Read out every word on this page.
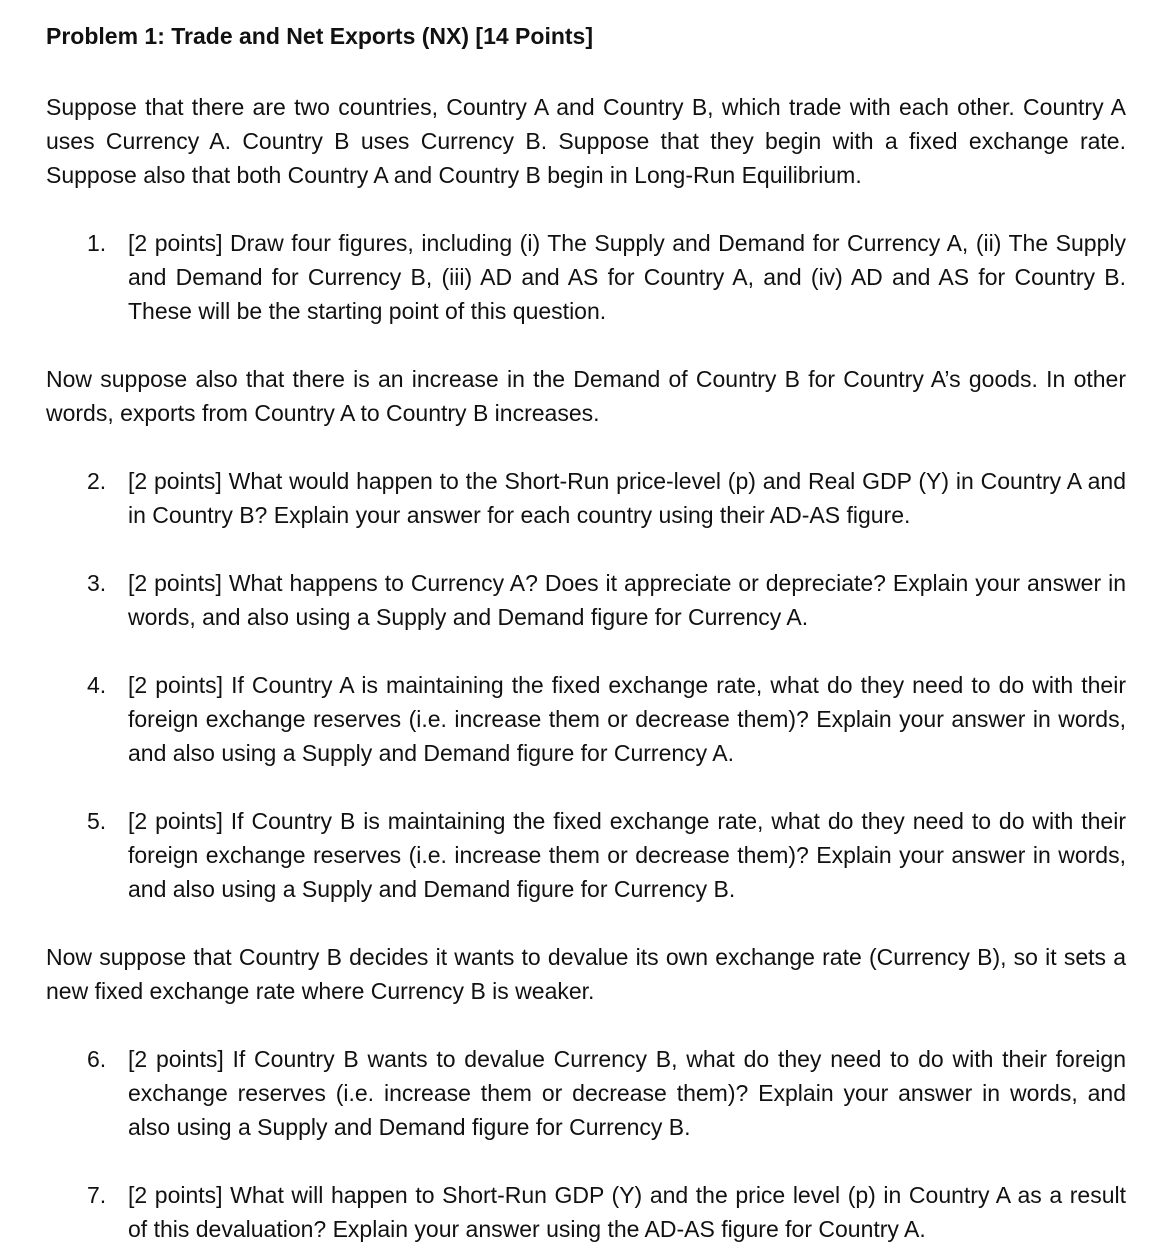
Problem 1: Trade and Net Exports (NX) [14 Points]

Suppose that there are two countries, Country A and Country B, which trade with each other. Country A uses Currency A. Country B uses Currency B. Suppose that they begin with a fixed exchange rate. Suppose also that both Country A and Country B begin in Long-Run Equilibrium.

1. [2 points] Draw four figures, including (i) The Supply and Demand for Currency A, (ii) The Supply and Demand for Currency B, (iii) AD and AS for Country A, and (iv) AD and AS for Country B. These will be the starting point of this question.

Now suppose also that there is an increase in the Demand of Country B for Country A’s goods. In other words, exports from Country A to Country B increases.

2. [2 points] What would happen to the Short-Run price-level (p) and Real GDP (Y) in Country A and in Country B? Explain your answer for each country using their AD-AS figure.
3. [2 points] What happens to Currency A? Does it appreciate or depreciate? Explain your answer in words, and also using a Supply and Demand figure for Currency A.
4. [2 points] If Country A is maintaining the fixed exchange rate, what do they need to do with their foreign exchange reserves (i.e. increase them or decrease them)? Explain your answer in words, and also using a Supply and Demand figure for Currency A.
5. [2 points] If Country B is maintaining the fixed exchange rate, what do they need to do with their foreign exchange reserves (i.e. increase them or decrease them)? Explain your answer in words, and also using a Supply and Demand figure for Currency B.

Now suppose that Country B decides it wants to devalue its own exchange rate (Currency B), so it sets a new fixed exchange rate where Currency B is weaker.

6. [2 points] If Country B wants to devalue Currency B, what do they need to do with their foreign exchange reserves (i.e. increase them or decrease them)? Explain your answer in words, and also using a Supply and Demand figure for Currency B.
7. [2 points] What will happen to Short-Run GDP (Y) and the price level (p) in Country A as a result of this devaluation? Explain your answer using the AD-AS figure for Country A.
